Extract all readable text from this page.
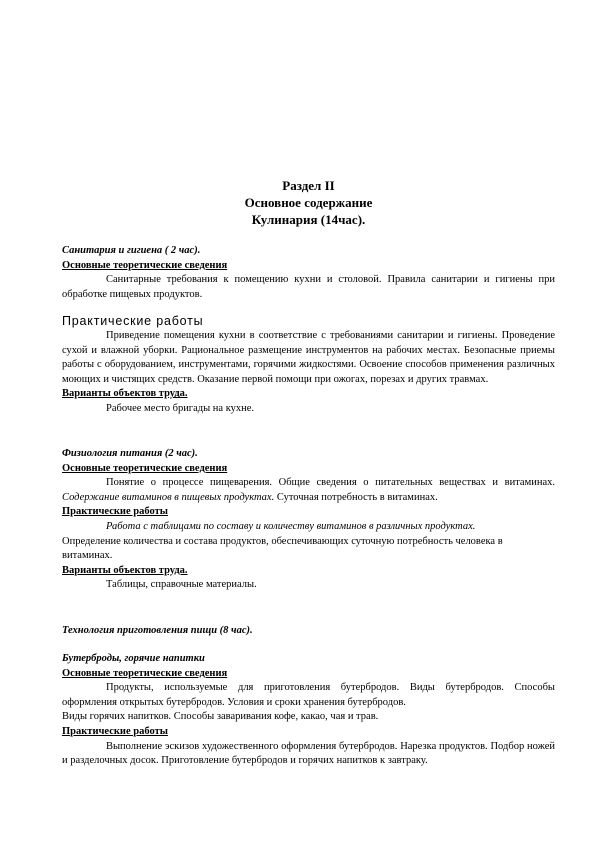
Раздел II

Основное содержание

Кулинария (14час).

Санитария и гигиена ( 2 час).

Основные теоретические сведения

Санитарные требования к помещению кухни и столовой. Правила санитарии и гигиены при обработке пищевых продуктов.

Практические работы

Приведение помещения кухни в соответствие с требованиями санитарии и гигиены. Проведение сухой и влажной уборки. Рациональное размещение инструментов на рабочих местах. Безопасные приемы работы с оборудованием, инструментами, горячими жидкостями. Освоение способов применения различных моющих и чистящих средств. Оказание первой помощи при ожогах, порезах и других травмах.

Варианты объектов труда.

Рабочее место бригады на кухне.

Физиология питания (2 час).

Основные теоретические сведения

Понятие о процессе пищеварения. Общие сведения о питательных веществах и витаминах. Содержание витаминов в пищевых продуктах. Суточная потребность в витаминах.

Практические работы

Работа с таблицами по составу и количеству витаминов в различных продуктах.

Определение количества и состава продуктов, обеспечивающих суточную потребность человека в витаминах.

Варианты объектов труда.

Таблицы, справочные материалы.

Технология приготовления пищи (8 час).

Бутерброды, горячие напитки

Основные теоретические сведения

Продукты, используемые для приготовления бутербродов. Виды бутербродов. Способы оформления открытых бутербродов. Условия и сроки хранения бутербродов.

Виды горячих напитков. Способы заваривания кофе, какао, чая и трав.

Практические работы

Выполнение эскизов художественного оформления бутербродов. Нарезка продуктов. Подбор ножей и разделочных досок. Приготовление бутербродов и горячих напитков к завтраку.
